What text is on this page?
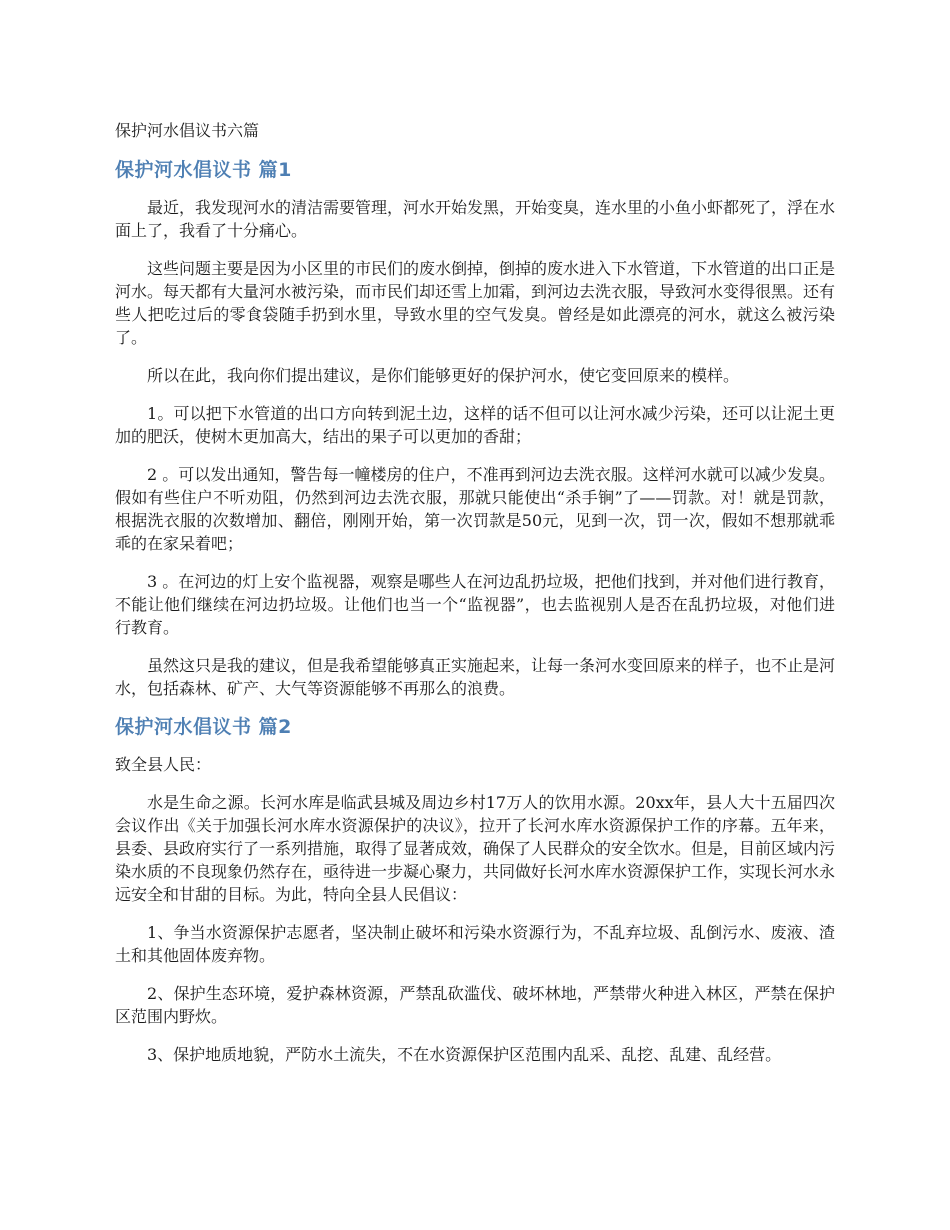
保护河水倡议书六篇
保护河水倡议书 篇1

最近，我发现河水的清洁需要管理，河水开始发黑，开始变臭，连水里的小鱼小虾都死了，浮在水面上了，我看了十分痛心。

这些问题主要是因为小区里的市民们的废水倒掉，倒掉的废水进入下水管道，下水管道的出口正是河水。每天都有大量河水被污染，而市民们却还雪上加霜，到河边去洗衣服，导致河水变得很黑。还有些人把吃过后的零食袋随手扔到水里，导致水里的空气发臭。曾经是如此漂亮的河水，就这么被污染了。

所以在此，我向你们提出建议，是你们能够更好的保护河水，使它变回原来的模样。

1。可以把下水管道的出口方向转到泥土边，这样的话不但可以让河水减少污染，还可以让泥土更加的肥沃，使树木更加高大，结出的果子可以更加的香甜；

2 。可以发出通知，警告每一幢楼房的住户，不准再到河边去洗衣服。这样河水就可以减少发臭。假如有些住户不听劝阻，仍然到河边去洗衣服，那就只能使出“杀手锏”了——罚款。对！就是罚款，根据洗衣服的次数增加、翻倍，刚刚开始，第一次罚款是50元，见到一次，罚一次，假如不想那就乖乖的在家呆着吧；

3 。在河边的灯上安个监视器，观察是哪些人在河边乱扔垃圾，把他们找到，并对他们进行教育，不能让他们继续在河边扔垃圾。让他们也当一个“监视器”，也去监视别人是否在乱扔垃圾，对他们进行教育。

虽然这只是我的建议，但是我希望能够真正实施起来，让每一条河水变回原来的样子，也不止是河水，包括森林、矿产、大气等资源能够不再那么的浪费。

保护河水倡议书 篇2

致全县人民：

水是生命之源。长河水库是临武县城及周边乡村17万人的饮用水源。20xx年，县人大十五届四次会议作出《关于加强长河水库水资源保护的决议》，拉开了长河水库水资源保护工作的序幕。五年来，县委、县政府实行了一系列措施，取得了显著成效，确保了人民群众的安全饮水。但是，目前区域内污染水质的不良现象仍然存在，亟待进一步凝心聚力，共同做好长河水库水资源保护工作，实现长河水永远安全和甘甜的目标。为此，特向全县人民倡议：

1、争当水资源保护志愿者，坚决制止破坏和污染水资源行为，不乱弃垃圾、乱倒污水、废液、渣土和其他固体废弃物。

2、保护生态环境，爱护森林资源，严禁乱砍滥伐、破坏林地，严禁带火种进入林区，严禁在保护区范围内野炊。

3、保护地质地貌，严防水土流失，不在水资源保护区范围内乱采、乱挖、乱建、乱经营。
